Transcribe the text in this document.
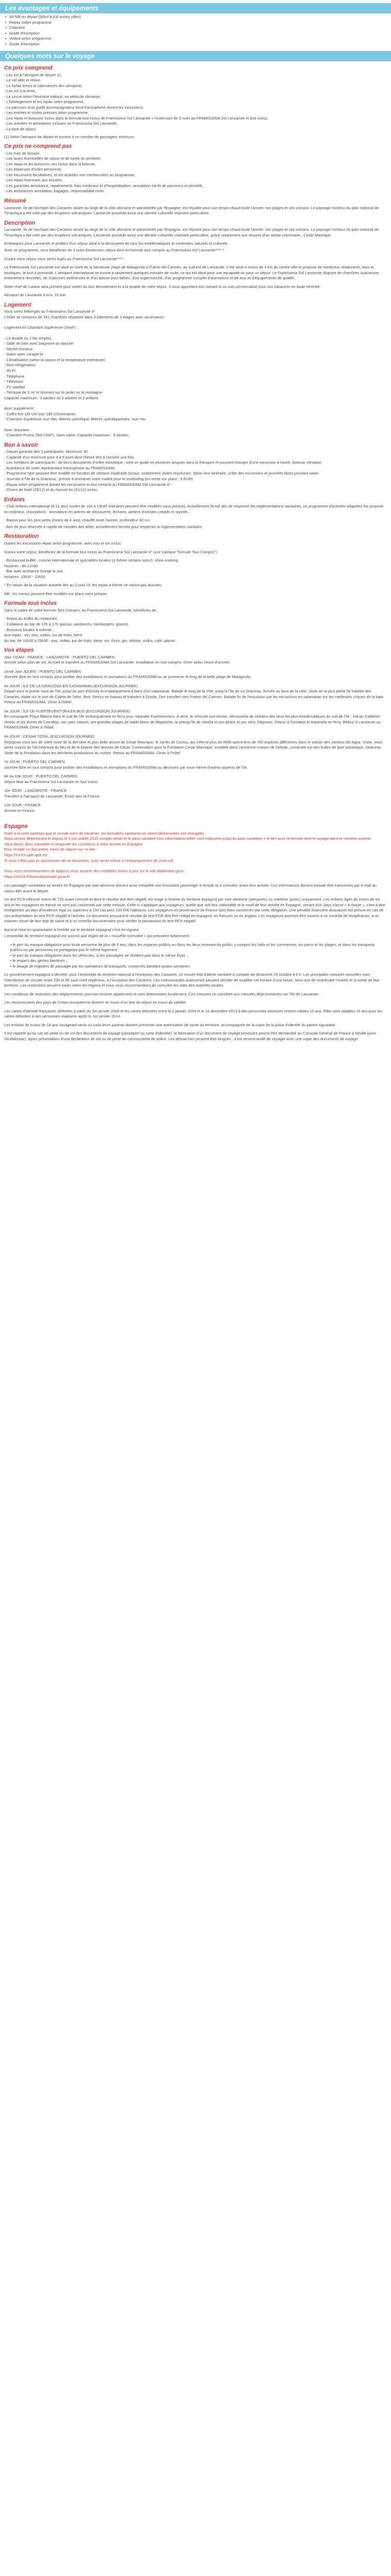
Les avantages et équipements
• Wi-fi/B en départ (Whol à 4.8 autres villes)
• Repas Salon programme
• Chambre
• Guide d'exception
• Visites selon programme
• Guide d'exception
Quelques mots sur le voyage
Ce prix comprend

- Les vol à l'aéroport de départ 12,

- Le vol aller et retour,

- Le forfait terres et rattenances des aéroports,

- Les vol à la terre,

- Le circuit selon l'itinéraire indiqué, en véhicule climatisé,

- L'hébergement et les repas selon programme,

- Le parcours d'un guide accompagnateur local francophone durant les excursions,

- Les entrées et visites prévues selon programme,

- Les repas et boissons inclus dans la formule tout inclus de Framissima Sol Lanzarote + l'extension de 3 nuits au FRAMISSIMA Sol Lanzarote et tout inclus,

- Les activités et animations incluses au Framissima Sol Lanzarote,

- La taxe de séjour.

(1) Selon l'aéroport de départ et soumis à un nombre de passagers minimum.

Ce prix ne comprend pas

- Les frais de dossier,

- Les taxes éventuelles de séjour et de sortie du territoire,

- Les repas et les boissons non inclus dans la formule,

- Les dépenses d'ordre personnel,

- Les excursions facultatives, et les activités non mentionnées au programme,

- Les repas éventuels aux escales,

- Les garanties assistance, rapatriement, frais médicaux et d'hospitalisation, annulation (arrêt de parcours) et pénalité,

- Les assurances annulation, bagages, responsabilité civile.

Résumé

Lanzarote, île de l'archipel des Canaries située au large de la côte africaine et administrée par l'Espagne, est réputée pour son temps chaud toute l'année, ses plages et ses volcans. Le paysage rocheux du parc national de Timanfaya a été créé par des éruptions volcaniques. Lanzarote possède aussi une identité culturelle vraiment particulière...

Description

Lanzarote, île de l'archipel des Canaries située au large de la côte africaine et administrée par l'Espagne, est réputée pour son temps chaud toute l'année, ses plages et ses volcans. Le paysage rocheux du parc national de Timanfaya a été créé par des éruptions volcaniques. Lanzarote possède aussi une identité culturelle vraiment particulière, grâce notamment aux œuvres d'un artiste visionnaire : César Manrique.

Embarquez pour Lanzarote et profitez d'un séjour idéal à la découverte de tous les emblématiques et contrastes naturels et culturels.

Avec ce programme, vous bénéficiez de 3 nuits d'extension séjour libre en formule tout compris au Framissima Sol Lanzarote**** !

Durant votre séjour vous serez logés au Framissima Sol Lanzarote**** :

Le Framissima Sol Lanzarote est situé en bord de la fabuleuse plage de Matagorda à Puerto del Carmen, au sud-est de Lanzarote. Il est situé à moins de 4 km du centre-ville et propose de nombreux restaurants, bars et boutiques, le tout à proximité. L'aéroport international se trouve à seulement quelques minutes de route, ce qui est idéal pour une escapade ou pour un séjour. Le Framissima Sol Lanzarote dispose de chambres spacieuses entièrement rénovées, de 3 piscines extérieures et d'un bassin pour bébés, d'un supermarché, d'un programme complet d'animations et de jeux et d'équipements de qualité.

Notre chef de cuisine sera présent pour veiller au bon déroulement et à la qualité de votre séjour. Il vous apportera son conseil et un avis personnalisé pour vos vacances en toute sérénité.

Aéroport de Lanzarote à env. 10 min.

Logement

Vous serez hébergés au Framissima Sol Lanzarote 4*

L'hôtel se compose de 341 chambres réparties dans 3 bâtiments de 3 étages avec ascenseurs.

Logement en Chambre Supérieure (Stnd*) :

- Lit double ou 2 lits simples

- Salle de bain avec baignoire ou douche

- Sèche-cheveux

- Salon avec canapé-lit

- Climatisation (selon la saison et la température extérieure)

- Mini-réfrigérateur

- Wi-Fi

- Téléphone

- Télévision

- TV satellite

- Terrasse de 5 m² et donnant sur le jardin ou la montagne

Capacité maximum : 3 adultes ou 2 adultes et 2 enfants

Avec supplément :

- Coffre-fort (30 US/ jour 180 US/semaine)

- Chambre Supérieure Vue Mer, Mètres spécifique: Mètres spécifiquement, Vue mer

Avec réduction :

- Chambre Promo (Sol Côté*), Sans salon, Capacité maximum : 3 adultes.

Bon à savoir

- Départ garantie dès 2 participants. Maximum 30.
- Capacité d'un minimum pour 4 à 5 jours dont l'heure des à l'arrivée une fois.
- Les mentions de participants : de leurs documents d'ordre touristique : sont un guide en plusieurs langues dans le transport et pouvant changer d'une excursion à l'autre. Autocar climatisé.
- Assistance de notre représentant francophone au FRAMISSIMA.
- Programme type pouvant être modifié en fonction de certains impératifs locaux, notamment visites imprévues. Selon leur itinéraire, ordre des excursions et journées libres pouvant varier.
- Journée à l'île de la Graciosa : prévoir à emmener votre maillot pour le snorkeling (en vente sur place : 3 EUR).
- Repas selon programme durant les excursions et tout compris au FRAMISSIMA Sol Lanzarote 4*.
- Dîners de Noël (25/12) et du Nouvel An (31/12) inclus.

Enfants

- Club enfants international (4-12 ans) ouvert de 10h à 13h45 (Horaires peuvent être modifiés sans préavis). Actuellement fermé afin de respecter les réglementations sanitaires, un programme d'activités adaptées est proposé en extérieur, (exposition) : animations en arènes de découverte, lectures, ateliers d'artistes créatifs et sportifs...

- Bassin pour les plus petits (moins de 4 ans), chauffé toute l'année, profondeur 40 cm.

- Aire de jeux réservée à rapide de mondes des aîtés: actuellement fermée pour respecter la réglementation sanitaire.

Restauration

Durant les excursions repas selon programme, avec eau et vin inclus.

Durant votre séjour, bénéficiez de la formule tout inclus au Framissima Sol Lanzarote 4* (voir rubrique "formule Tout Compris")

- Restaurant buffet : cuisine internationale et spécialités locales (à thème certains soirs!), show cooking.
Horaires : 8h-21h30
- Bar avec ambiance lounge le soir.
Horaires: 10h30 - 23h30

* En raison de la situation actuelle liée au Covid-19, les repas à thème ne seront pas assurés.

NB : les menus peuvent être modifiés sur place sans préavis.

Formule tout inclus

Dans le cadre de votre formule Tout Compris, au Framissima Sol Lanzarote, bénéficiez de :

- Repas au buffet du restaurant
- Collations au bar de 12h à 17h (pizzas, sandwichs, hamburgers, glaces)
- Boissons locales à volonté :
Aux repas : vin, eau, sodas, jus de fruits, bière
Au bar, de 10h30 à 23h30 : eau, sodas, jus de fruits, bière, vin, rhum, gin, whisky, vodka, café, glaces.

Vos étapes

Jour 1/CAM : FRANCE - LANZAROTE - PUERTO DEL CARMEN

Arrivée selon plan de vol, Accueil et transfert au FRAMISSIMA Sol Lanzarote. Installation en tout compris. Dîner selon heure d'arrivée.

2ème Jour JOURS : PUERTO DEL CARMEN

Journée libre en tout compris pour profiter des installations et animations du FRAMISSIMA ou se promener le long de la belle plage de Matagorda.

4e JOUR : ÎLE DE LA GRACIOSA EN CATAMARAN (EXCURSION JOURNÉE)

Départ pour la pointe nord de l'île, jusqu'au port d'Orzola et embarquement à bord d'un catamaran. Balade le long de la côte, jusqu'à l'île de La Graciosa. Arrivée au bout de la côte. Visite de la plus petite île habitée des Canaries. Halte sur le port de Caleta de Sebo, libre. Retour en bateau et transfert à Orzola. Des transfert vers Puerto del Carmen. Balade fin de l'excursion par les excursions en catamaran sur les meilleures criques de la baie. Retour au FRAMISSIMA. Dîner à l'hôtel.

5e JOUR : ÎLE DE FUERTEVENTURA EN BUS (EXCURSION JOURNÉE)

En compagnie Playa Blanca dans le sud de l'île embarquement en ferry pour rejoindre Fuerteventura. À terre, le véhicule tout terrain, découverte de certains des lieux les plus emblématiques du sud de l'île : volcan Calderón Hondo et les dunes de Corralejo, son parc naturel, ses grandes plages de sable blanc de Majanicho, la presqu'île de Jandía et son phare et son vent. Déjeuner. Retour à Corralejo et traversée en ferry. Retour à Lanzarote au FRAMISSIMA. Dîner à l'hôtel.

6e JOUR : CÉSAR TOTAL (EXCURSION JOURNÉE)

Rejoignez vous lors de votre route de la dernière et plus belle œuvre de César Manrique, le Jardin de Cactus, qui s'étend plus de 4500 spécimens de 450 espèces différentes dans le volcan des Jameos del Agua. Visite. Vous serez surpris de l'architecture du lieu et de la beauté des œuvres de César. Continuation pour la Fondation César Manrique, installée dans l'ancienne maison de l'artiste, construite sur des bulles de lave volcanique. Déjeuner. Visite de la Fondation dans les dernières productions du maître. Retour au FRAMISSIMA. Dîner à l'hôtel.

7e JOUR : PUERTO DEL CARMEN

Journée libre en tout compris pour profiter des installations et animations du FRAMISSIMA ou découvrir par vous-même d'autres aspects de l'île.

8e au 10e JOUR : PUERTO DEL CARMEN

Séjour libre au Framissima Sol Lanzarote en tout inclus.

11e JOUR : LANZAROTE - FRANCE

Transfert à l'aéroport de Lanzarote. Envol vers la France.

12e JOUR : FRANCE

Arrivée en France.

Espagne

Suite à la crise sanitaire que le monde vient de traverser, les formalités sanitaires se voient déterminées soit changées.

Nous serons déterminant et depuis le 6 juin publié 2020 compte-rendu et le pass sanitaire (ses informations telles sont indiquées jusqu'au pass sanitaire) + le lien pour la formule dont le voyage dans le contenu ouverte.

Vous devez donc connaître et respecter les conditions à votre arrivée en Espagne.

Pour remplir ce document, merci de cliquer sur ce lien :

https://XXXX.spth.gob.es/

Si vous n'êtes pas en possession de ce document, vous serez refusé à l'embarquement de votre vol.

Nous vous recommandons de toujours vous assurer des modalités mises à jour sur le site diplomatie.gouv :

https://XXXX.fr/www.diplomatie.gouv.fr/

Les passager souhaitant se rendre en Espagne par voie aérienne doivent avoir complété une formulaire passenger à remplir et à consulter avant leur arrivée. Ces informations doivent ensuite être transmises par e-mail au moins 48h avant le départ.

Un test PCR effectué moins de 72h avant l'arrivée et dont le résultat doit être négatif, est exigé à l'entrée du territoire espagnol par voie aérienne (aéroports) ou maritime (ports) uniquement. Les enfants âgés de moins de six ans et les voyageurs en transit ne sont pas concernés par cette mesure. Celle-ci s'applique aux voyageurs, quelle que soit leur nationalité et le motif de leur arrivée en Espagne, venant d'un pays classé « à risque », c'est-à-dire enregistrant un taux d'incidence égal ou supérieur à 150 cas pour 100 000 habitants. Les voyageurs en provenance de France sont donc concernés par cette obligation. Une pénalité financière dissuasive est prévue en cas de non-présentation du test PCR négatif à l'arrivée. Le document prouvant le résultat du test PCR doit être rédigé en espagnol, en français ou en anglais. Les voyageurs pourront être soumis à un contrôle de température, à un examen visuel de leur état de santé et à un contrôle documentaire pour vérifier la possession du test PCR négatif.

Aucune mise en quarantaine à l'entrée sur le territoire espagnol n'est en vigueur.

L'ensemble du territoire espagnol est soumis aux règles de la « nouvelle normalité » qui prévoient notamment :

• le port du masque obligatoire pour toute personne de plus de 6 ans, dans les espaces publics ou dans les lieux recevant du public, y compris les halls et les commerces, les parcs et les plages, et dans les transports publics ou par personnes ne partageant pas le même logement ;
• le port du masque obligatoire dans les véhicules, si les passagers ne résident pas dans le même foyer ;
• le respect des gestes barrières ;
• le lavage de registres de passager par les opérateurs de transports, conservés pendant quatre semaines.

Le gouvernement espagnol a décrété, pour l'ensemble du territoire national à l'exception des Canaries, un nouvel état d'alerte sanitaire à compter de dimanche 25 octobre à 0 h. Les principales mesures nouvelles sont : l'interdiction de circuler entre 23h et 6h sauf motif impérieux, à l'exception des Canaries. Les communautés autonomes peuvent décider de modifier cet horaire d'une heure, ainsi que de restreindre l'entrée et la sortie de leur territoire. Les restrictions peuvent varier selon les régions et nous vous recommandons de consulter les sites des autorités locales.

Les conditions de restriction des déplacements pourront évoluer rapidement et sont déterminées localement. Ces mesures se cumulent aux mesures déjà existantes sur l'île de Lanzarote.

Les ressortissants des pays de l'Union européenne doivent se munir d'un titre de séjour en cours de validité.

Les cartes d'identité françaises délivrées à partir du 1er janvier 2004 et les cartes délivrées entre le 2 janvier 2004 et le 31 décembre 2013 à des personnes mineures restent valides 10 ans. Elles sont valables 15 ans pour les cartes délivrées à des personnes majeures après le 1er janvier 2014.

Les enfants de moins de 18 ans voyageant seuls ou sans leurs parents doivent présenter une autorisation de sortie du territoire, accompagnée de la copie de la pièce d'identité du parent signataire.

Il est rappelé qu'au cas de perte ou de vol des documents de voyage (passeport ou carte d'identité), la fabrication d'un document de voyage provisoire pourra être demandée au Consulat Général de France à Séville (pour l'Andalousie), après présentation d'une déclaration de vol ou de perte au commissariat de police. Les démarches peuvent être longues ; il est recommandé de voyager avec une copie des documents de voyage.
